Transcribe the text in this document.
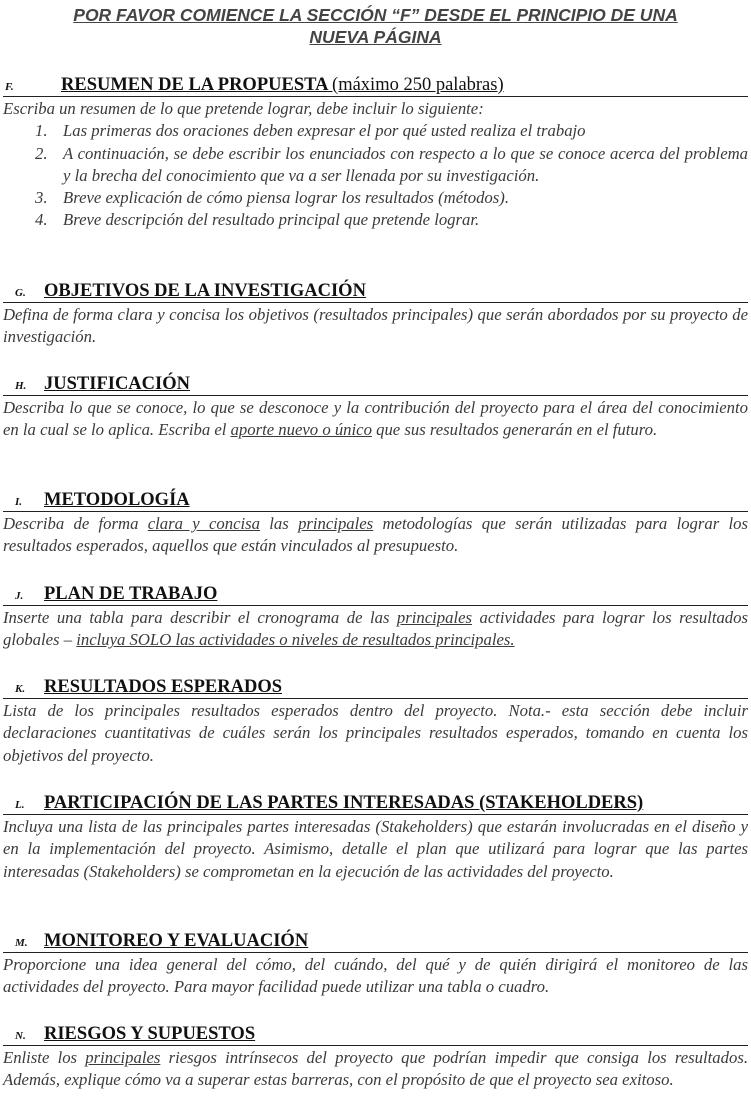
POR FAVOR COMIENCE LA SECCIÓN “F” DESDE EL PRINCIPIO DE UNA
NUEVA PÁGINA
F.	RESUMEN DE LA PROPUESTA (máximo 250 palabras)

Escriba un resumen de lo que pretende lograr, debe incluir lo siguiente:

1. Las primeras dos oraciones deben expresar el por qué usted realiza el trabajo
2. A continuación, se debe escribir los enunciados con respecto a lo que se conoce acerca del problema y la brecha del conocimiento que va a ser llenada por su investigación.
3. Breve explicación de cómo piensa lograr los resultados (métodos).
4. Breve descripción del resultado principal que pretende lograr.
G. OBJETIVOS DE LA INVESTIGACIÓN

Defina de forma clara y concisa los objetivos (resultados principales) que serán abordados por su proyecto de investigación.

H. JUSTIFICACIÓN

Describa lo que se conoce, lo que se desconoce y la contribución del proyecto para el área del conocimiento en la cual se lo aplica. Escriba el aporte nuevo o único que sus resultados generarán en el futuro.

I. METODOLOGÍA

Describa de forma clara y concisa las principales metodologías que serán utilizadas para lograr los resultados esperados, aquellos que están vinculados al presupuesto.

J. PLAN DE TRABAJO

Inserte una tabla para describir el cronograma de las principales actividades para lograr los resultados globales – incluya SOLO las actividades o niveles de resultados principales.

K. RESULTADOS ESPERADOS

Lista de los principales resultados esperados dentro del proyecto. Nota.- esta sección debe incluir declaraciones cuantitativas de cuáles serán los principales resultados esperados, tomando en cuenta los objetivos del proyecto.

L. PARTICIPACIÓN DE LAS PARTES INTERESADAS (STAKEHOLDERS)

Incluya una lista de las principales partes interesadas (Stakeholders) que estarán involucradas en el diseño y en la implementación del proyecto. Asimismo, detalle el plan que utilizará para lograr que las partes interesadas (Stakeholders) se comprometan en la ejecución de las actividades del proyecto.

M. MONITOREO Y EVALUACIÓN

Proporcione una idea general del cómo, del cuándo, del qué y de quién dirigirá el monitoreo de las actividades del proyecto. Para mayor facilidad puede utilizar una tabla o cuadro.

N. RIESGOS Y SUPUESTOS

Enliste los principales riesgos intrínsecos del proyecto que podrían impedir que consiga los resultados. Además, explique cómo va a superar estas barreras, con el propósito de que el proyecto sea exitoso.
